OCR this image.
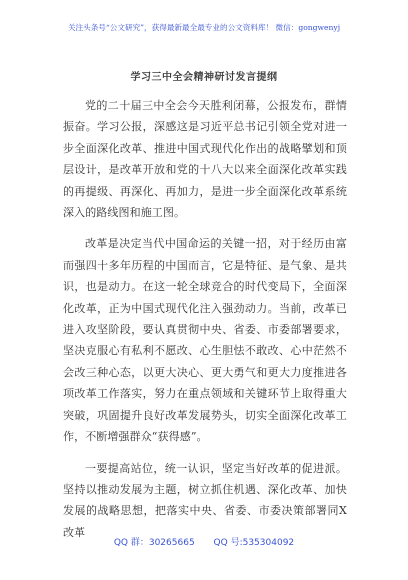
关注头条号“公文研究”，获得最新最全最专业的公文资料库！ 微信：gongwenyj
学习三中全会精神研讨发言提纲

党的二十届三中全会今天胜利闭幕，公报发布，群情振奋。学习公报，深感这是习近平总书记引领全党对进一步全面深化改革、推进中国式现代化作出的战略擘划和顶层设计，是改革开放和党的十八大以来全面深化改革实践的再提级、再深化、再加力，是进一步全面深化改革系统深入的路线图和施工图。

改革是决定当代中国命运的关键一招，对于经历由富而强四十多年历程的中国而言，它是特征、是气象、是共识，也是动力。在这一轮全球竞合的时代变局下，全面深化改革，正为中国式现代化注入强劲动力。当前，改革已进入攻坚阶段，要认真贯彻中央、省委、市委部署要求，坚决克服心有私利不愿改、心生胆怯不敢改、心中茫然不会改三种心态，以更大决心、更大勇气和更大力度推进各项改革工作落实，努力在重点领域和关键环节上取得重大突破，巩固提升良好改革发展势头，切实全面深化改革工作，不断增强群众“获得感”。

一要提高站位，统一认识，坚定当好改革的促进派。坚持以推动发展为主题，树立抓住机遇、深化改革、加快发展的战略思想，把落实中央、省委、市委决策部署同X改革

QQ 群：30265665 QQ 号:535304092
